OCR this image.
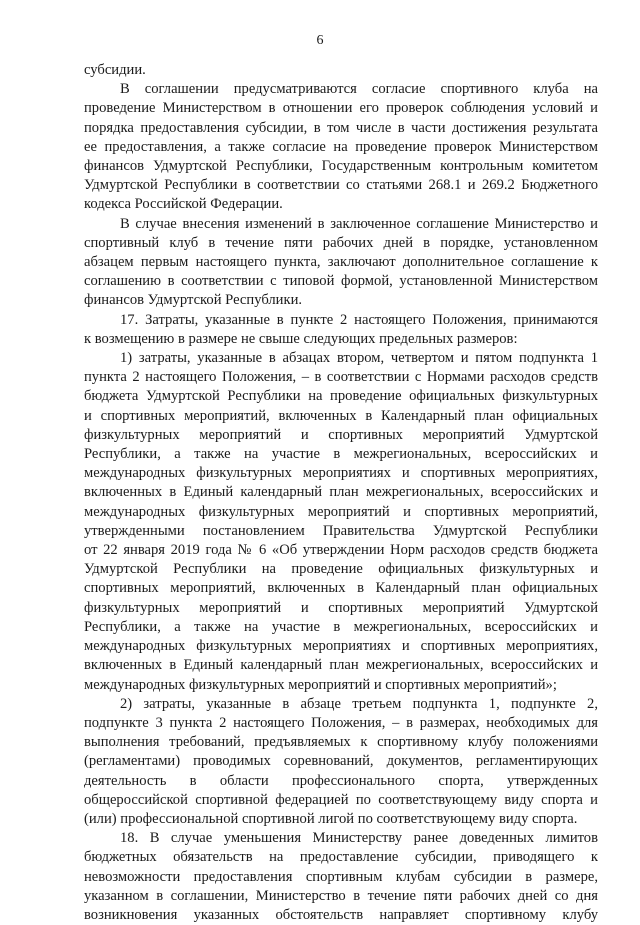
6

субсидии.

В соглашении предусматриваются согласие спортивного клуба на
проведение Министерством в отношении его проверок соблюдения условий и
порядка предоставления субсидии, в том числе в части достижения результата
ее предоставления, а также согласие на проведение проверок Министерством
финансов Удмуртской Республики, Государственным контрольным комитетом
Удмуртской Республики в соответствии со статьями 268.1 и 269.2 Бюджетного
кодекса Российской Федерации.

В случае внесения изменений в заключенное соглашение Министерство и
спортивный клуб в течение пяти рабочих дней в порядке, установленном
абзацем первым настоящего пункта, заключают дополнительное соглашение к
соглашению в соответствии с типовой формой, установленной Министерством
финансов Удмуртской Республики.

17. Затраты, указанные в пункте 2 настоящего Положения, принимаются
к возмещению в размере не свыше следующих предельных размеров:

1) затраты, указанные в абзацах втором, четвертом и пятом подпункта 1
пункта 2 настоящего Положения, – в соответствии с Нормами расходов средств
бюджета Удмуртской Республики на проведение официальных физкультурных
и спортивных мероприятий, включенных в Календарный план официальных
физкультурных мероприятий и спортивных мероприятий Удмуртской
Республики, а также на участие в межрегиональных, всероссийских и
международных физкультурных мероприятиях и спортивных мероприятиях,
включенных в Единый календарный план межрегиональных, всероссийских и
международных физкультурных мероприятий и спортивных мероприятий,
утвержденными постановлением Правительства Удмуртской Республики
от 22 января 2019 года № 6 «Об утверждении Норм расходов средств бюджета
Удмуртской Республики на проведение официальных физкультурных и
спортивных мероприятий, включенных в Календарный план официальных
физкультурных мероприятий и спортивных мероприятий Удмуртской
Республики, а также на участие в межрегиональных, всероссийских и
международных физкультурных мероприятиях и спортивных мероприятиях,
включенных в Единый календарный план межрегиональных, всероссийских и
международных физкультурных мероприятий и спортивных мероприятий»;

2) затраты, указанные в абзаце третьем подпункта 1, подпункте 2,
подпункте 3 пункта 2 настоящего Положения, – в размерах, необходимых для
выполнения требований, предъявляемых к спортивному клубу положениями
(регламентами) проводимых соревнований, документов, регламентирующих
деятельность в области профессионального спорта, утвержденных
общероссийской спортивной федерацией по соответствующему виду спорта и
(или) профессиональной спортивной лигой по соответствующему виду спорта.

18. В случае уменьшения Министерству ранее доведенных лимитов
бюджетных обязательств на предоставление субсидии, приводящего к
невозможности предоставления спортивным клубам субсидии в размере,
указанном в соглашении, Министерство в течение пяти рабочих дней со дня
возникновения указанных обстоятельств направляет спортивному клубу
